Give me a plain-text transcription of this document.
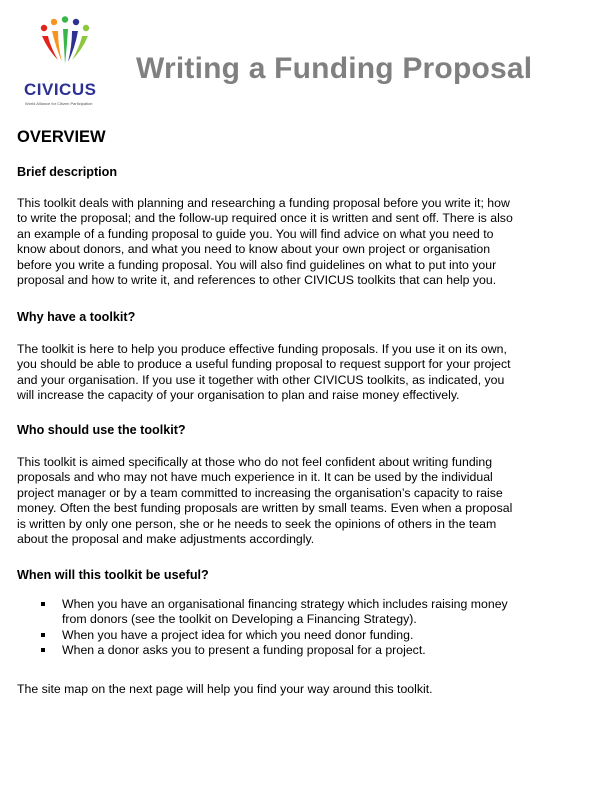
CIVICUS
World Alliance for Citizen Participation
Writing a Funding Proposal
OVERVIEW
Brief description
This toolkit deals with planning and researching a funding proposal before you write it; how
to write the proposal; and the follow-up required once it is written and sent off. There is also
an example of a funding proposal to guide you. You will find advice on what you need to
know about donors, and what you need to know about your own project or organisation
before you write a funding proposal. You will also find guidelines on what to put into your
proposal and how to write it, and references to other CIVICUS toolkits that can help you.
Why have a toolkit?
The toolkit is here to help you produce effective funding proposals. If you use it on its own,
you should be able to produce a useful funding proposal to request support for your project
and your organisation. If you use it together with other CIVICUS toolkits, as indicated, you
will increase the capacity of your organisation to plan and raise money effectively.
Who should use the toolkit?
This toolkit is aimed specifically at those who do not feel confident about writing funding
proposals and who may not have much experience in it. It can be used by the individual
project manager or by a team committed to increasing the organisation’s capacity to raise
money. Often the best funding proposals are written by small teams. Even when a proposal
is written by only one person, she or he needs to seek the opinions of others in the team
about the proposal and make adjustments accordingly.
When will this toolkit be useful?
When you have an organisational financing strategy which includes raising money
from donors (see the toolkit on Developing a Financing Strategy).
When you have a project idea for which you need donor funding.
When a donor asks you to present a funding proposal for a project.
The site map on the next page will help you find your way around this toolkit.
